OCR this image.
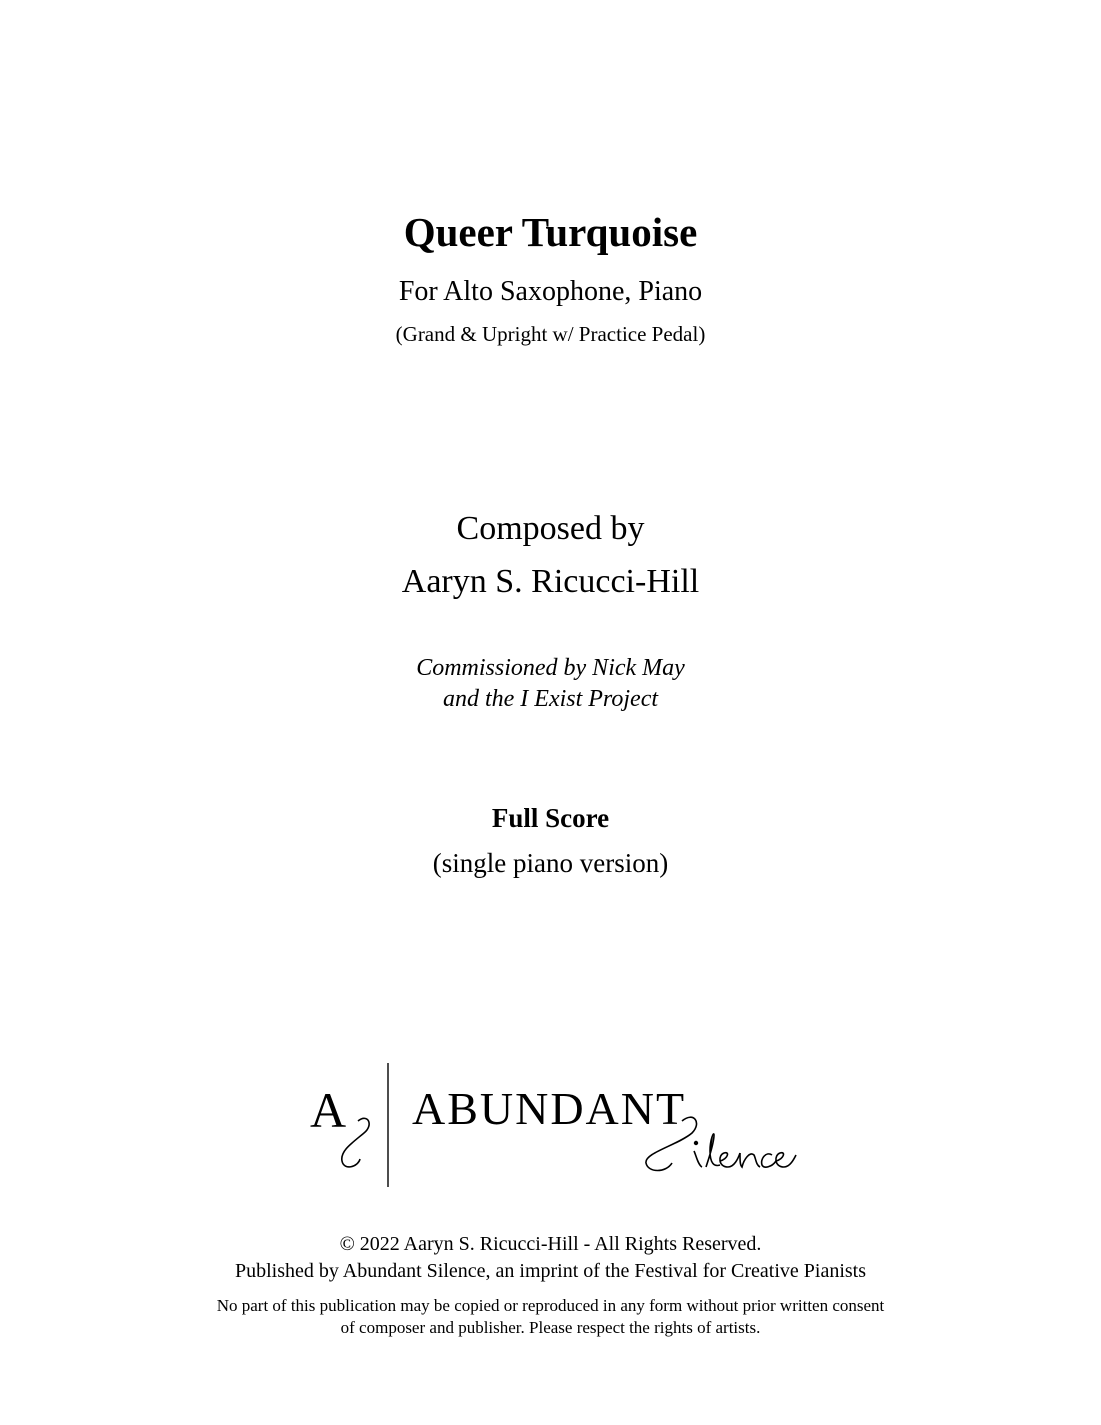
Queer Turquoise
For Alto Saxophone, Piano
(Grand & Upright w/ Practice Pedal)
Composed by
Aaryn S. Ricucci-Hill
Commissioned by Nick May
and the I Exist Project
Full Score
(single piano version)
A ABUNDANT
© 2022 Aaryn S. Ricucci-Hill - All Rights Reserved.
Published by Abundant Silence, an imprint of the Festival for Creative Pianists
No part of this publication may be copied or reproduced in any form without prior written consent
of composer and publisher. Please respect the rights of artists.
